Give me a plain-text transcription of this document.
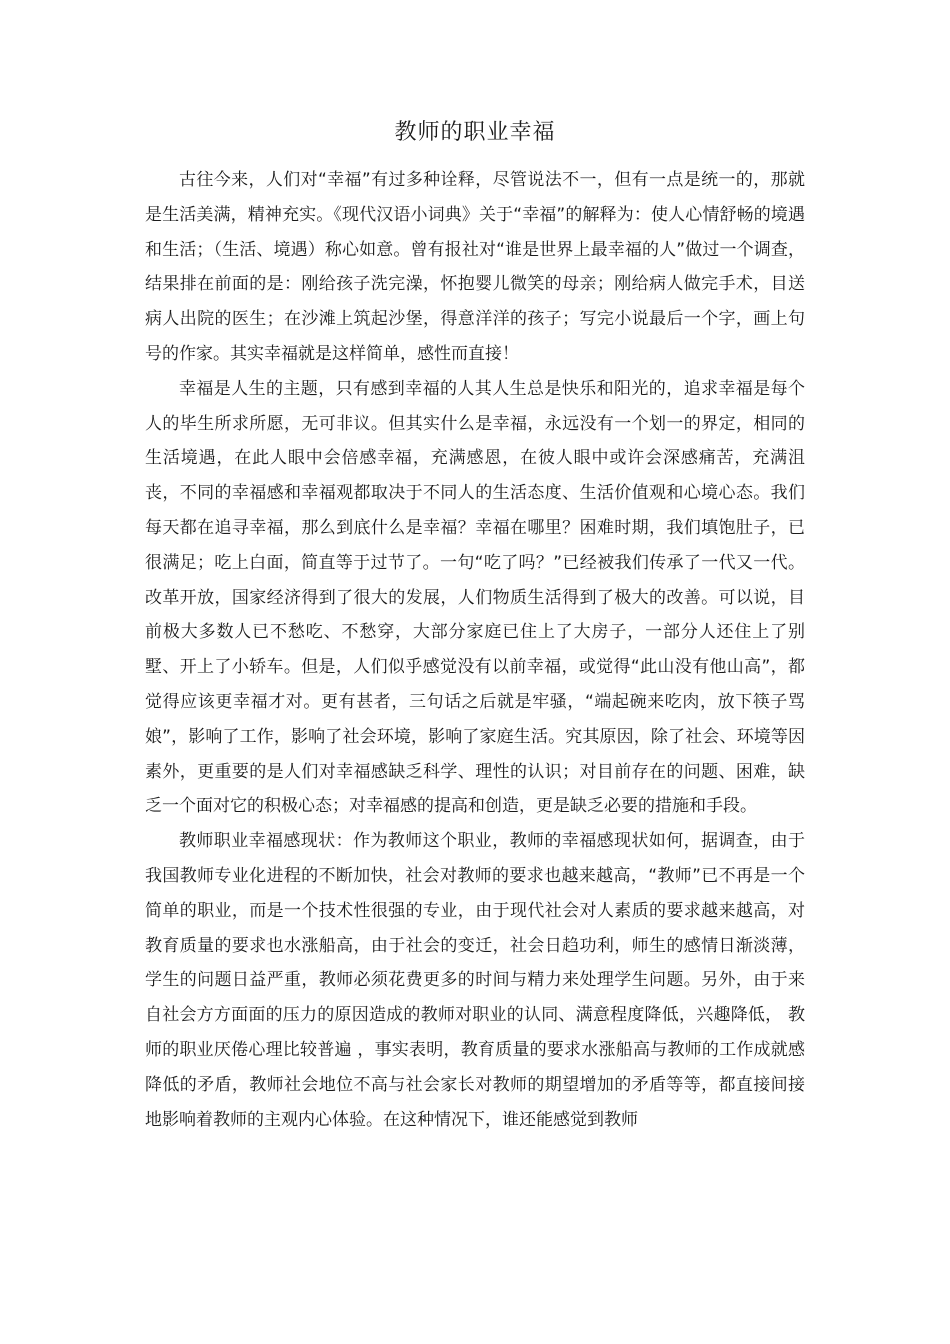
教师的职业幸福

古往今来，人们对“幸福”有过多种诠释，尽管说法不一，但有一点是统一的，那就是生活美满，精神充实。《现代汉语小词典》关于“幸福”的解释为：使人心情舒畅的境遇和生活；（生活、境遇）称心如意。曾有报社对“谁是世界上最幸福的人”做过一个调查，结果排在前面的是：刚给孩子洗完澡，怀抱婴儿微笑的母亲；刚给病人做完手术，目送病人出院的医生；在沙滩上筑起沙堡，得意洋洋的孩子；写完小说最后一个字，画上句号的作家。其实幸福就是这样简单，感性而直接！

幸福是人生的主题，只有感到幸福的人其人生总是快乐和阳光的，追求幸福是每个人的毕生所求所愿，无可非议。但其实什么是幸福，永远没有一个划一的界定，相同的生活境遇，在此人眼中会倍感幸福，充满感恩，在彼人眼中或许会深感痛苦，充满沮丧，不同的幸福感和幸福观都取决于不同人的生活态度、生活价值观和心境心态。我们每天都在追寻幸福，那么到底什么是幸福？幸福在哪里？困难时期，我们填饱肚子，已很满足；吃上白面，简直等于过节了。一句“吃了吗？”已经被我们传承了一代又一代。改革开放，国家经济得到了很大的发展，人们物质生活得到了极大的改善。可以说，目前极大多数人已不愁吃、不愁穿，大部分家庭已住上了大房子，一部分人还住上了别墅、开上了小轿车。但是，人们似乎感觉没有以前幸福，或觉得“此山没有他山高”，都觉得应该更幸福才对。更有甚者，三句话之后就是牢骚，“端起碗来吃肉，放下筷子骂娘”，影响了工作，影响了社会环境，影响了家庭生活。究其原因，除了社会、环境等因素外，更重要的是人们对幸福感缺乏科学、理性的认识；对目前存在的问题、困难，缺乏一个面对它的积极心态；对幸福感的提高和创造，更是缺乏必要的措施和手段。

教师职业幸福感现状：作为教师这个职业，教师的幸福感现状如何，据调查，由于我国教师专业化进程的不断加快，社会对教师的要求也越来越高，“教师”已不再是一个简单的职业，而是一个技术性很强的专业，由于现代社会对人素质的要求越来越高，对教育质量的要求也水涨船高，由于社会的变迁，社会日趋功利，师生的感情日渐淡薄，学生的问题日益严重，教师必须花费更多的时间与精力来处理学生问题。另外，由于来自社会方方面面的压力的原因造成的教师对职业的认同、满意程度降低，兴趣降低， 教师的职业厌倦心理比较普遍 ，事实表明，教育质量的要求水涨船高与教师的工作成就感降低的矛盾，教师社会地位不高与社会家长对教师的期望增加的矛盾等等，都直接间接地影响着教师的主观内心体验。在这种情况下，谁还能感觉到教师
